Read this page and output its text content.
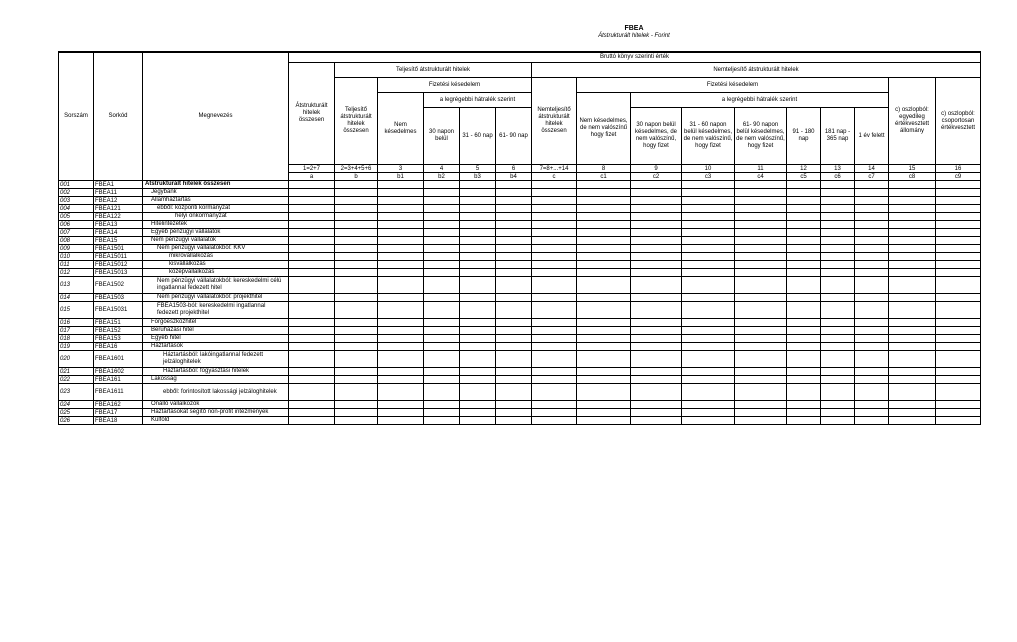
FBEA
Átstrukturált hitelek - Forint
Sorszám	Sorkód	Megnevezés	Bruttó könyv szerinti érték															
			Átstrukturált hitelek összesen	Teljesítő átstrukturált hitelek					Nemteljesítő átstrukturált hitelek									
				Teljesítő átstrukturált hitelek összesen	Fizetési késedelem				Nemteljesítő átstrukturált hitelek összesen	Fizetési késedelem							c) oszlopból: egyedileg értékvesztett állomány	c) oszlopból: csoportosan értékvesztett
					Nem késedelmes	a legrégebbi hátralék szerint				Nem késedelmes, de nem valószínű hogy fizet	a legrégebbi hátralék szerint							
						30 napon belül	31 - 60 nap	61- 90 nap			30 napon belül késedelmes, de nem valószínű, hogy fizet	31 - 60 napon belül késedelmes, de nem valószínű, hogy fizet	61- 90 napon belül késedelmes, de nem valószínű, hogy fizet	91 - 180 nap	181 nap - 365 nap	1 év felett		
			1=2+7	2=3+4+5+6	3	4	5	6	7=8+...+14	8	9	10	11	12	13	14	15	16
			a	b	b1	b2	b3	b4	c	c1	c2	c3	c4	c5	c6	c7	c8	c9
001	FBEA1	Átstrukturált hitelek összesen																
002	FBEA11	Jegybank																
003	FBEA12	Államháztartás																
004	FBEA121	ebből: központi kormányzat																
005	FBEA122	helyi önkormányzat																
006	FBEA13	Hitelintézetek																
007	FBEA14	Egyéb pénzügyi vállalatok																
008	FBEA15	Nem pénzügyi vállalatok																
009	FBEA1501	Nem pénzügyi vállalatokból: KKV																
010	FBEA15011	mikrovállalkozás																
011	FBEA15012	kisvállalkozás																
012	FBEA15013	középvállalkozás																
013	FBEA1502	Nem pénzügyi vállalatokból: kereskedelmi célú ingatlannal fedezett hitel																
014	FBEA1503	Nem pénzügyi vállalatokból: projekthitel																
015	FBEA15031	FBEA1503-ból: kereskedelmi ingatlannal fedezett projekthitel																
016	FBEA151	Forgóeszközhitel																
017	FBEA152	Beruházási hitel																
018	FBEA153	Egyéb hitel																
019	FBEA16	Háztartások																
020	FBEA1601	Háztartásból: lakóingatlannal fedezett jelzáloghitelek																
021	FBEA1602	Háztartásból: fogyasztási hitelek																
022	FBEA161	Lakosság																
023	FBEA1611	ebből: forintosított lakossági jelzáloghitelek																
024	FBEA162	Önálló vállalkozók																
025	FBEA17	Háztartásokat segítő non-profit intézmények																
026	FBEA18	Külföld																
